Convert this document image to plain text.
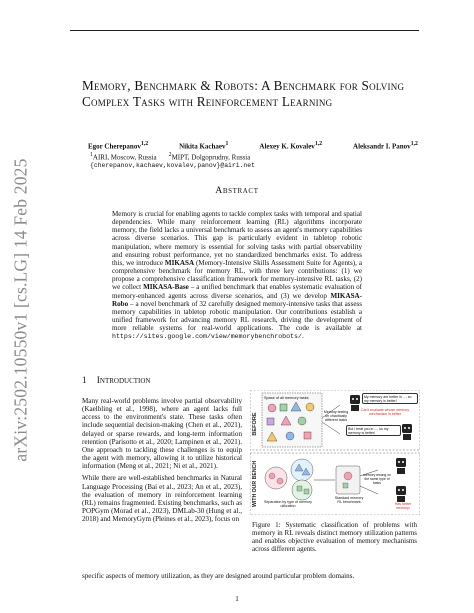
arXiv:2502.10550v1 [cs.LG] 14 Feb 2025
Memory, Benchmark & Robots: A Benchmark for Solving Complex Tasks with Reinforcement Learning
Egor Cherepanov$^{1,2}$	Nikita Kachaev$^1$	Alexey K. Kovalev$^{1,2}$	Aleksandr I. Panov$^{1,2}$
$^1$AIRI, Moscow, Russia $^2$MIPT, Dolgoprudny, Russia
{cherepanov,kachaev,kovalev,panov}@airi.net
Abstract
Memory is crucial for enabling agents to tackle complex tasks with temporal and spatial dependencies. While many reinforcement learning (RL) algorithms incorporate memory, the field lacks a universal benchmark to assess an agent's memory capabilities across diverse scenarios. This gap is particularly evident in tabletop robotic manipulation, where memory is essential for solving tasks with partial observability and ensuring robust performance, yet no standardized benchmarks exist. To address this, we introduce MIKASA (Memory-Intensive Skills Assessment Suite for Agents), a comprehensive benchmark for memory RL, with three key contributions: (1) we propose a comprehensive classification framework for memory-intensive RL tasks, (2) we collect MIKASA-Base – a unified benchmark that enables systematic evaluation of memory-enhanced agents across diverse scenarios, and (3) we develop MIKASA-Robo – a novel benchmark of 32 carefully designed memory-intensive tasks that assess memory capabilities in tabletop robotic manipulation. Our contributions establish a unified framework for advancing memory RL research, driving the development of more reliable systems for real-world applications. The code is available at https://sites.google.com/view/memorybenchrobots/.
1 Introduction

Many real-world problems involve partial observability (Kaelbling et al., 1998), where an agent lacks full access to the environment's state. These tasks often include sequential decision-making (Chen et al., 2021), delayed or sparse rewards, and long-term information retention (Parisotto et al., 2020; Lampinen et al., 2021). One approach to tackling these challenges is to equip the agent with memory, allowing it to utilize historical information (Meng et al., 2021; Ni et al., 2021).

While there are well-established benchmarks in Natural Language Processing (Bai et al., 2023; An et al., 2023), the evaluation of memory in reinforcement learning (RL) remains fragmented. Existing benchmarks, such as POPGym (Morad et al., 2023), DMLab-30 (Hung et al., 2018) and MemoryGym (Pleines et al., 2023), focus on

BEFORE
Space of all memory tasks
Memory testing on chaotically different tasks
My memory are better in ..., so my memory is better!
Can't evaluate whose memory mechanism is better
But I beat you in ..., so my memory is better!
WITH OUR BENCH	Separation by type of memory utilization
Standard memory RL benchmark
Memory testing on the same type of tasks
Has better memory!
Figure 1: Systematic classification of problems with memory in RL reveals distinct memory utilization patterns and enables objective evaluation of memory mechanisms across different agents.
specific aspects of memory utilization, as they are designed around particular problem domains.
1
